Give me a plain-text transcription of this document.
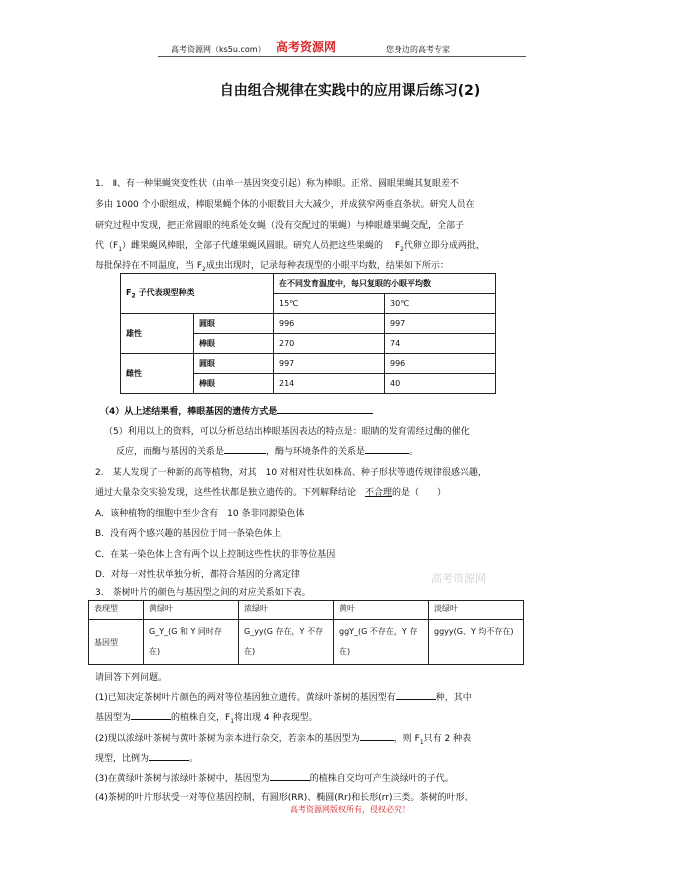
高考资源网（ks5u.com） 高考资源网	您身边的高考专家
自由组合规律在实践中的应用课后练习(2)
1.　Ⅱ、有一种果蝇突变性状（由单一基因突变引起）称为棒眼。正常、圆眼果蝇其复眼差不
多由 1000 个小眼组成，棒眼果蝇个体的小眼数目大大减少，并成狭窄两垂直条状。研究人员在
研究过程中发现，把正常圆眼的纯系处女蝇（没有交配过的果蝇）与棒眼雄果蝇交配，全部子
代$(F_1)$雌果蝇风棒眼，全部子代雄果蝇风圆眼。研究人员把这些果蝇的　 $F_2$代卵立即分成两批，
每批保持在不同温度，当 $F_2$成虫出现时，记录每种表现型的小眼平均数，结果如下所示：
$F_2$ 子代表现型种类		在不同发育温度中，每只复眼的小眼平均数	
		15℃	30℃
雄性	圆眼	996	997
	棒眼	270	74
雌性	圆眼	997	996
	棒眼	214	40
（4）从上述结果看，棒眼基因的遗传方式是
（5）利用以上的资料，可以分析总结出棒眼基因表达的特点是：眼睛的发育需经过酶的催化
反应，而酶与基因的关系是	，酶与环境条件的关系是	。
2.　某人发现了一种新的高等植物，对其　10 对相对性状如株高、种子形状等遗传规律很感兴趣，
通过大量杂交实验发现，这些性状都是独立遗传的。下列解释结论　不合理的是（　　）
A．该种植物的细胞中至少含有　10 条非同源染色体
B．没有两个感兴趣的基因位于同一条染色体上
C．在某一染色体上含有两个以上控制这些性状的非等位基因
D．对每一对性状单独分析，都符合基因的分离定律	高考资源网
3.　茶树叶片的颜色与基因型之间的对应关系如下表。
表现型	黄绿叶	浓绿叶	黄叶	淡绿叶
基因型	G_Y_(G 和 Y 同时存在)	G_yy(G 存在，Y 不存在)	ggY_(G 不存在，Y 存在)	ggyy(G、Y 均不存在)
请回答下列问题。
(1)已知决定茶树叶片颜色的两对等位基因独立遗传。黄绿叶茶树的基因型有	种，其中
基因型为	的植株自交，$F_1$将出现 4 种表现型。
(2)现以浓绿叶茶树与黄叶茶树为亲本进行杂交，若亲本的基因型为	，则 $F_1$只有 2 种表
现型，比例为	。
(3)在黄绿叶茶树与浓绿叶茶树中，基因型为	的植株自交均可产生淡绿叶的子代。
(4)茶树的叶片形状受一对等位基因控制，有圆形(RR)、椭圆(Rr)和长形(rr)三类。茶树的叶形、
高考资源网版权所有，侵权必究！
